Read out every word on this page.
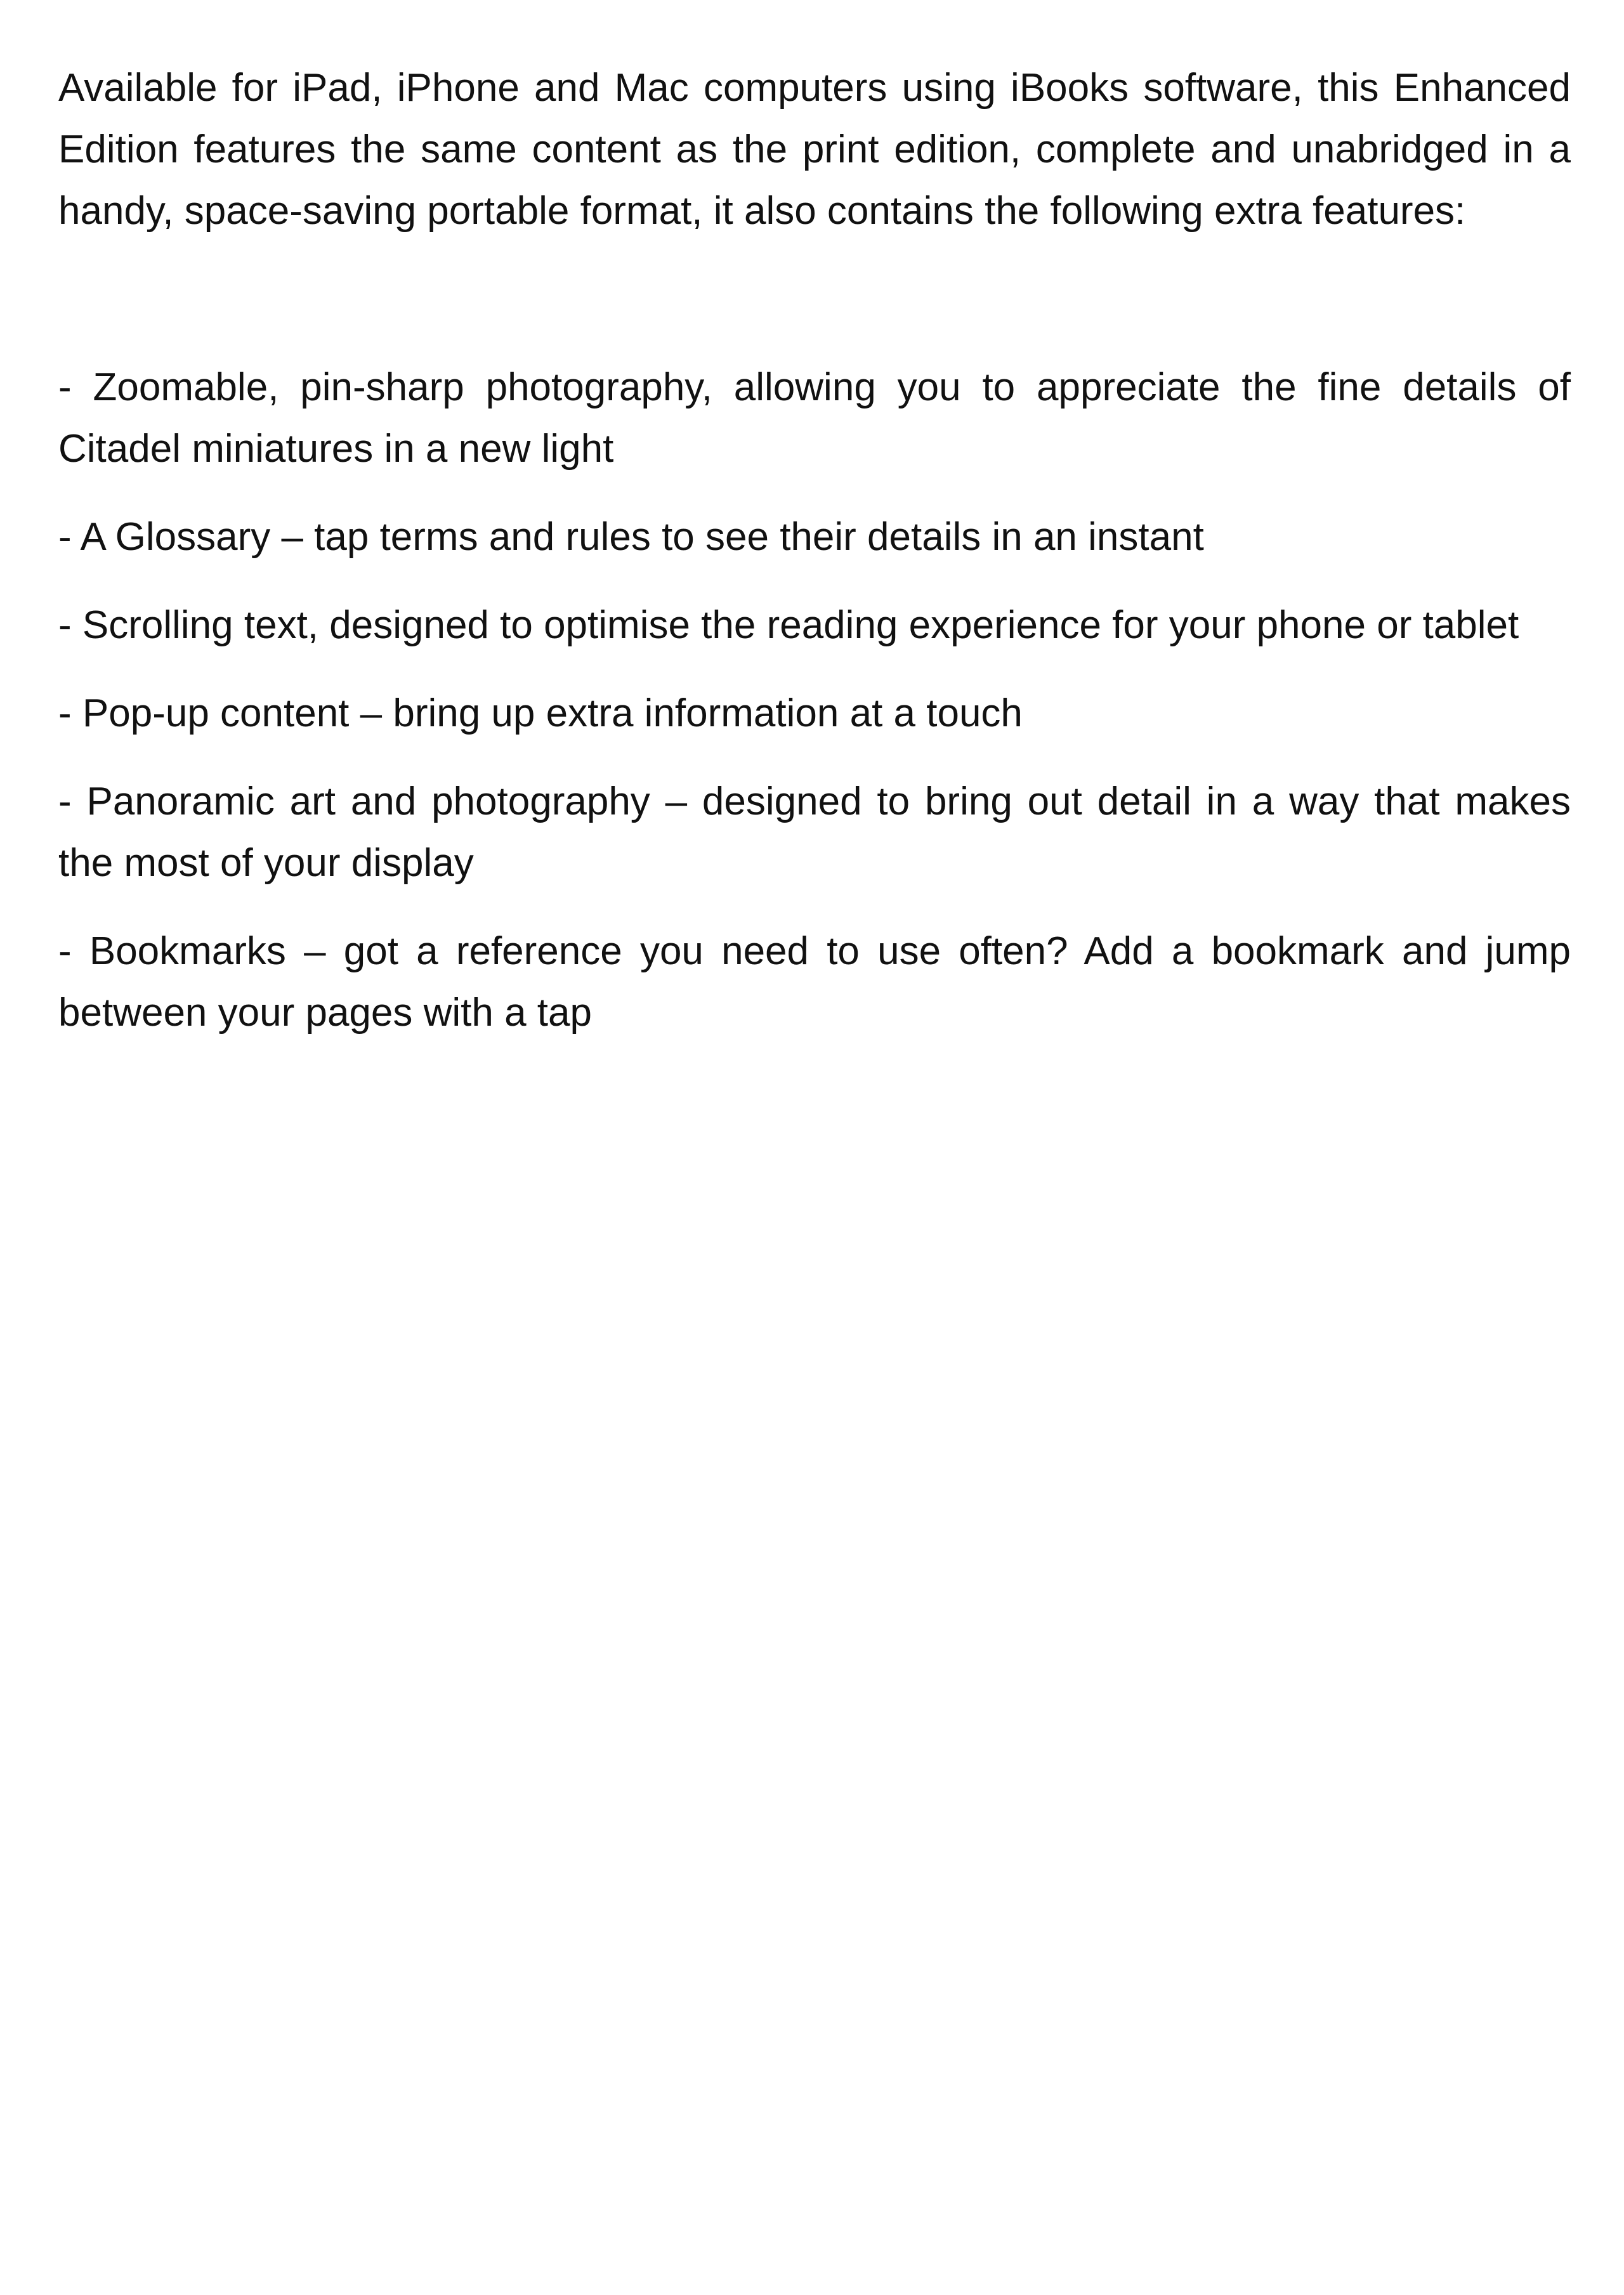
Available for iPad, iPhone and Mac computers using iBooks software, this Enhanced Edition features the same content as the print edition, complete and unabridged in a handy, space-saving portable format, it also contains the following extra features:

- Zoomable, pin-sharp photography, allowing you to appreciate the fine details of Citadel miniatures in a new light

- A Glossary – tap terms and rules to see their details in an instant

- Scrolling text, designed to optimise the reading experience for your phone or tablet

- Pop-up content – bring up extra information at a touch

- Panoramic art and photography – designed to bring out detail in a way that makes the most of your display

- Bookmarks – got a reference you need to use often? Add a bookmark and jump between your pages with a tap
